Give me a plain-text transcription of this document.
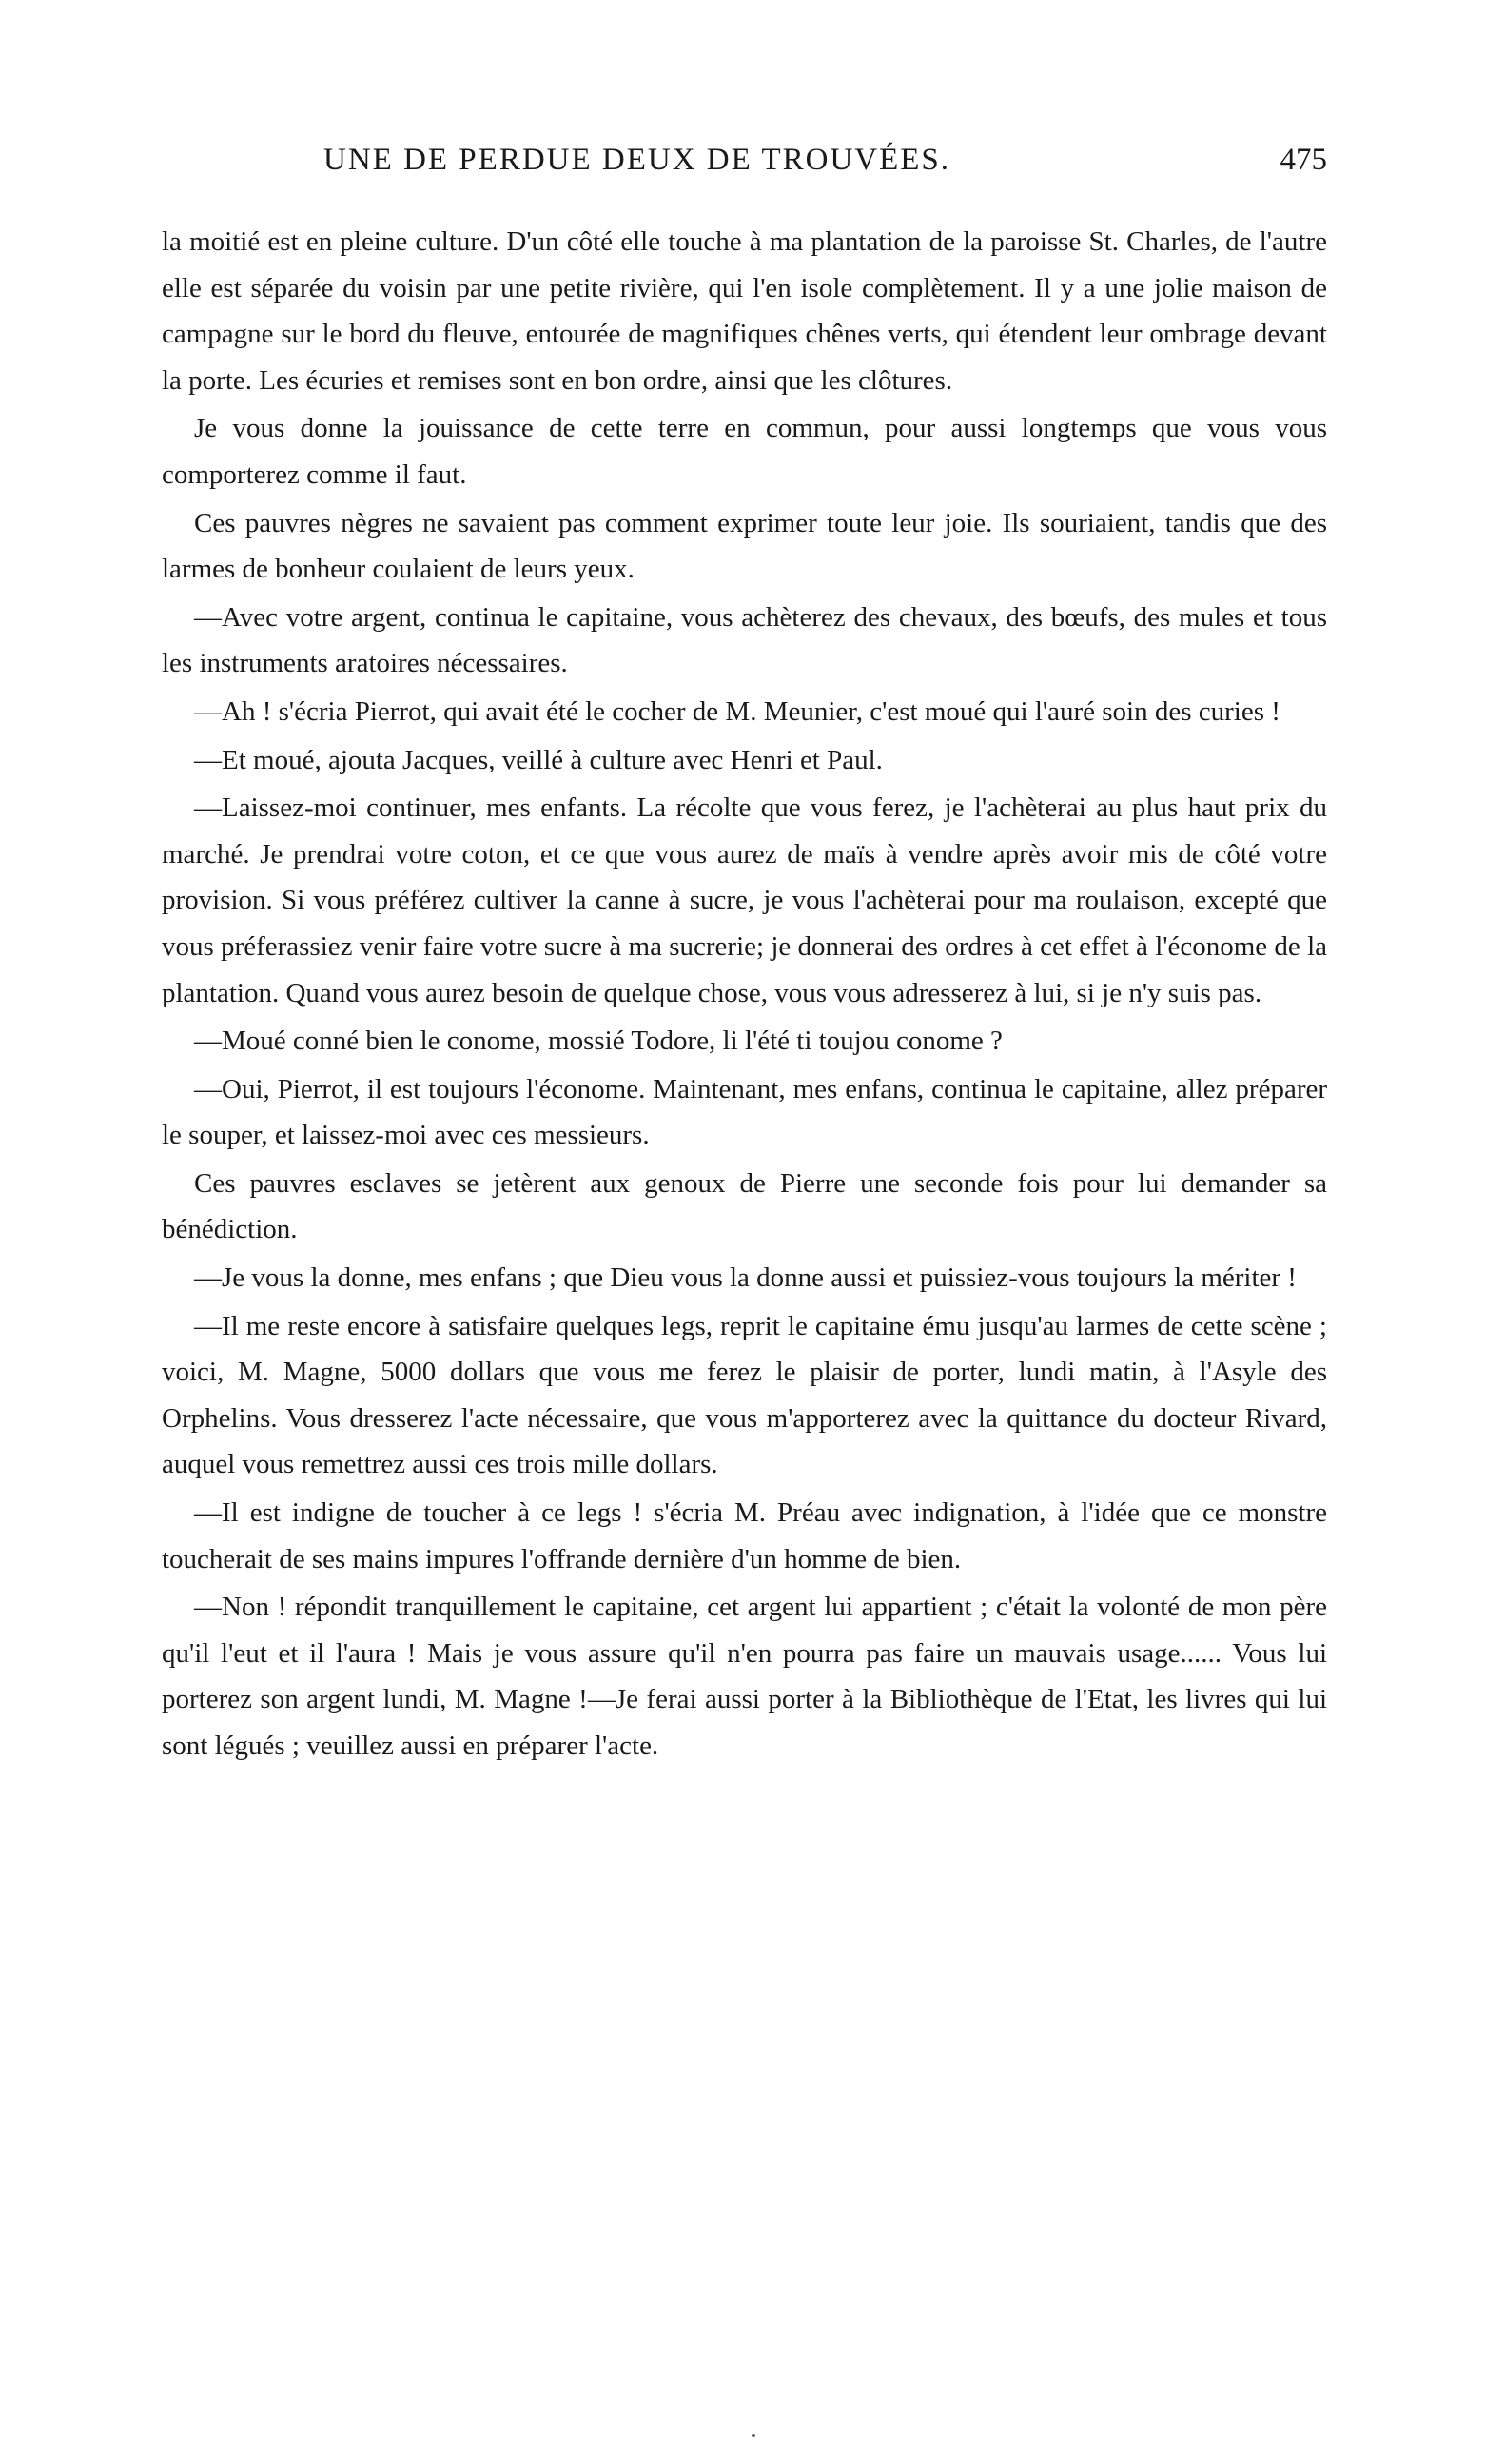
UNE DE PERDUE DEUX DE TROUVÉES.	475

la moitié est en pleine culture. D'un côté elle touche à ma plantation de la paroisse St. Charles, de l'autre elle est séparée du voisin par une petite rivière, qui l'en isole complètement. Il y a une jolie maison de campagne sur le bord du fleuve, entourée de magnifiques chênes verts, qui étendent leur ombrage devant la porte. Les écuries et remises sont en bon ordre, ainsi que les clôtures.

Je vous donne la jouissance de cette terre en commun, pour aussi longtemps que vous vous comporterez comme il faut.

Ces pauvres nègres ne savaient pas comment exprimer toute leur joie. Ils souriaient, tandis que des larmes de bonheur coulaient de leurs yeux.

—Avec votre argent, continua le capitaine, vous achèterez des chevaux, des bœufs, des mules et tous les instruments aratoires nécessaires.

—Ah ! s'écria Pierrot, qui avait été le cocher de M. Meunier, c'est moué qui l'auré soin des curies !

—Et moué, ajouta Jacques, veillé à culture avec Henri et Paul.

—Laissez-moi continuer, mes enfants. La récolte que vous ferez, je l'achèterai au plus haut prix du marché. Je prendrai votre coton, et ce que vous aurez de maïs à vendre après avoir mis de côté votre provision. Si vous préférez cultiver la canne à sucre, je vous l'achèterai pour ma roulaison, excepté que vous préferassiez venir faire votre sucre à ma sucrerie; je donnerai des ordres à cet effet à l'économe de la plantation. Quand vous aurez besoin de quelque chose, vous vous adresserez à lui, si je n'y suis pas.

—Moué conné bien le conome, mossié Todore, li l'été ti toujou conome ?

—Oui, Pierrot, il est toujours l'économe. Maintenant, mes enfans, continua le capitaine, allez préparer le souper, et laissez-moi avec ces messieurs.

Ces pauvres esclaves se jetèrent aux genoux de Pierre une seconde fois pour lui demander sa bénédiction.

—Je vous la donne, mes enfans ; que Dieu vous la donne aussi et puissiez-vous toujours la mériter !

—Il me reste encore à satisfaire quelques legs, reprit le capitaine ému jusqu'au larmes de cette scène ; voici, M. Magne, 5000 dollars que vous me ferez le plaisir de porter, lundi matin, à l'Asyle des Orphelins. Vous dresserez l'acte nécessaire, que vous m'apporterez avec la quittance du docteur Rivard, auquel vous remettrez aussi ces trois mille dollars.

—Il est indigne de toucher à ce legs ! s'écria M. Préau avec indignation, à l'idée que ce monstre toucherait de ses mains impures l'offrande dernière d'un homme de bien.

—Non ! répondit tranquillement le capitaine, cet argent lui appartient ; c'était la volonté de mon père qu'il l'eut et il l'aura ! Mais je vous assure qu'il n'en pourra pas faire un mauvais usage...... Vous lui porterez son argent lundi, M. Magne !—Je ferai aussi porter à la Bibliothèque de l'Etat, les livres qui lui sont légués ; veuillez aussi en préparer l'acte.
